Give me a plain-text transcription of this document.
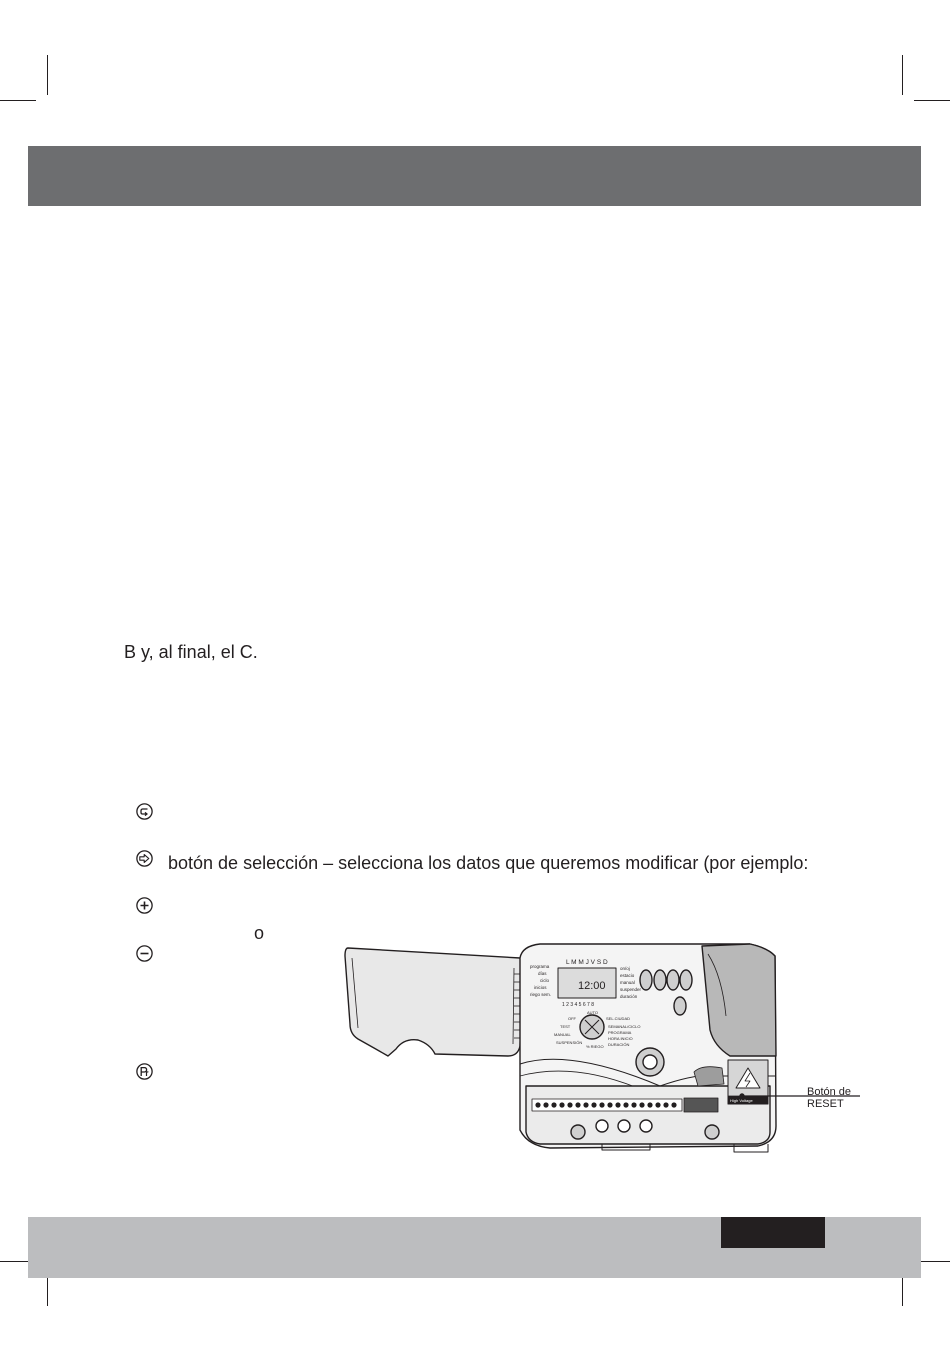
B y, al final, el C.
botón de selección – selecciona los datos que queremos modificar (por ejemplo:
o
L M M J V S D
12:00
1 2 3 4 5 6 7 8
programa
días
ciclo
inicios
riego sem.
on/oj
estacio
manual
suspender
duración
AUTO
OFF
TEST
MANUAL
SUSPENSIÓN
% RIEGO
SEL.CIUDAD
SEMANAL/CICLO
PROGRAMA
HORA INICIO
DURACIÓN
High Voltage
Botón de
RESET
